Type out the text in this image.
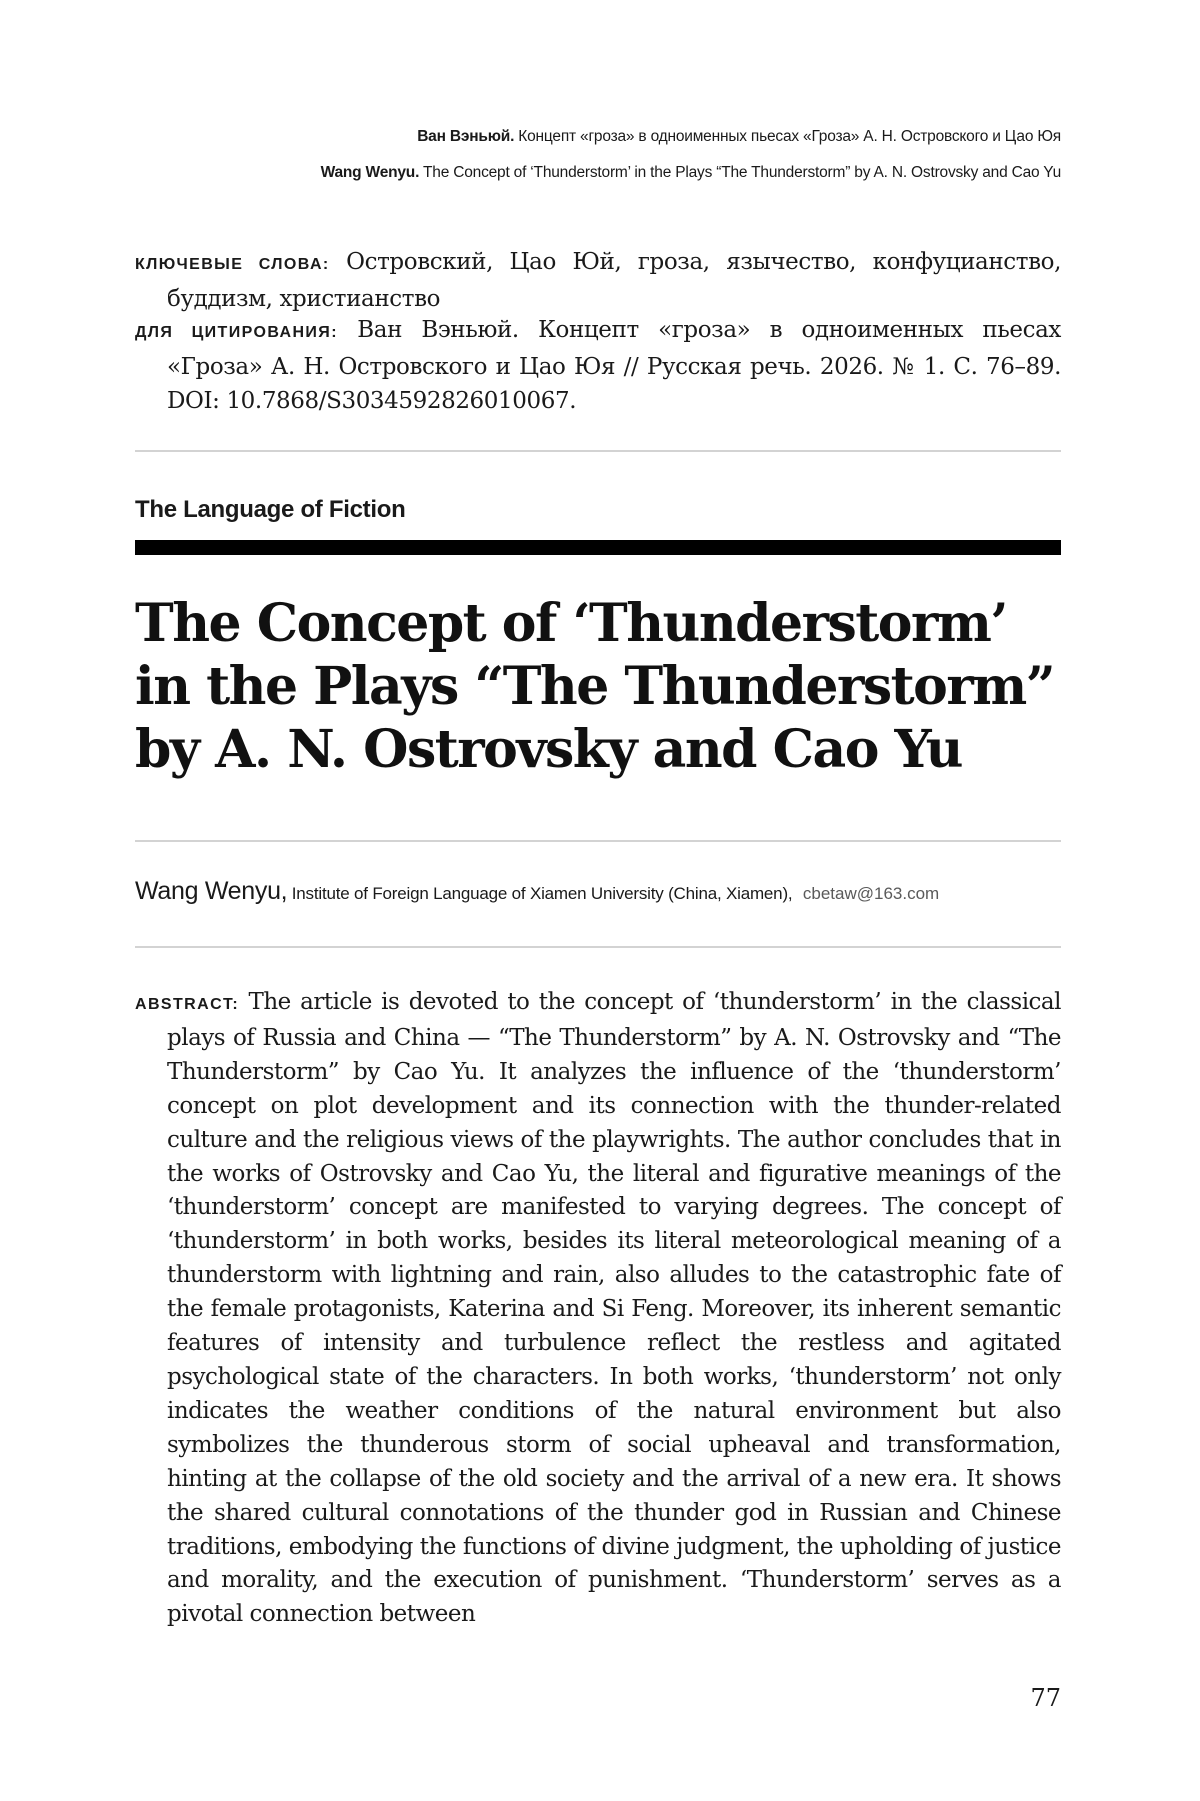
Ван Вэньюй. Концепт «гроза» в одноименных пьесах «Гроза» А. Н. Островского и Цао Юя
Wang Wenyu. The Concept of ‘Thunderstorm’ in the Plays “The Thunderstorm” by A. N. Ostrovsky and Cao Yu

КЛЮЧЕВЫЕ СЛОВА: Островский, Цао Юй, гроза, язычество, конфуцианство, буддизм, христианство

ДЛЯ ЦИТИРОВАНИЯ: Ван Вэньюй. Концепт «гроза» в одноименных пьесах «Гроза» А. Н. Островского и Цао Юя // Русская речь. 2026. № 1. С. 76–89. DOI: 10.7868/S3034592826010067.

The Language of Fiction
The Concept of ‘Thunderstorm’
in the Plays “The Thunderstorm”
by A. N. Ostrovsky and Cao Yu
Wang Wenyu, Institute of Foreign Language of Xiamen University (China, Xiamen), cbetaw@163.com

ABSTRACT: The article is devoted to the concept of ‘thunderstorm’ in the classical plays of Russia and China — “The Thunderstorm” by A. N. Ostrovsky and “The Thunderstorm” by Cao Yu. It analyzes the influence of the ‘thunderstorm’ concept on plot development and its connection with the thunder-related culture and the religious views of the playwrights. The author concludes that in the works of Ostrovsky and Cao Yu, the literal and figurative meanings of the ‘thunderstorm’ concept are manifested to varying degrees. The concept of ‘thunderstorm’ in both works, besides its literal meteorological meaning of a thunderstorm with lightning and rain, also alludes to the catastrophic fate of the female protagonists, Katerina and Si Feng. Moreover, its inherent semantic features of intensity and turbulence reflect the restless and agitated psychological state of the characters. In both works, ‘thunderstorm’ not only indicates the weather conditions of the natural environment but also symbolizes the thunderous storm of social upheaval and transformation, hinting at the collapse of the old society and the arrival of a new era. It shows the shared cultural connotations of the thunder god in Russian and Chinese traditions, embodying the functions of divine judgment, the upholding of justice and morality, and the execution of punishment. ‘Thunderstorm’ serves as a pivotal connection between

77
